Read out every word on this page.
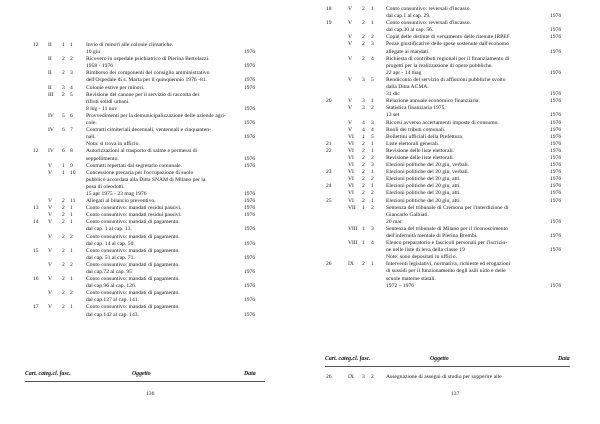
12 II 1 1 Invio di minori alle colonie climatiche.
10 giu	1976
II 2 2 Ricovero in ospedale psichiatrico di Pierina Bertolazzi.
1958 - 1976	1976
II 2 3 Rimborso dei componenti del consiglio amministrativo
dell'Ospedale di s. Marta per il quinquennio 1976 -81.	1976
II 3 4 Colonie estive per minori.	1976
III 2 5 Revisione del canone per il servizio di raccolta dei
rifiuti solidi urbani.
8 lug - 11 nov	1976
IV 5 6 Provvedimenti per la demunicipalizzazione delle aziende agri-
cole.	1976
IV 6 7 Contratti cimiteriali decennali, ventennali e cinquanten-
nali.	1976
Nota: si trova in ufficio.
12 IV 6 8 Autorizzazioni al trasporto di salme e permessi di
seppellimento.	1976
V 1 9 Contratti repertati dal segretario comunale.	1976
V 1 10 Concessione precaria per l'occupazione di suolo
pubblico accordata alla Ditta SNAM di Milano per la
posa di oleodotti.
15 apr 1975 - 23 mag 1976	1976
V 2 11 Allegati al bilancio preventivo.	1976
13 V 2 1 Conto consuntivo: mandati residui passivi.	1976
V 2 1 Conto consuntivo: mandati residui passivi.	1976
14 V 2 1 Conto consuntivo: mandati di pagamento.
dal cap. 1 al cap. 13.	1976
V 2 2 Conto consuntivo: mandati di pagamento.
dal cap. 14 al cap. 50.	1976
15 V 2 1 Conto consuntivo: mandati di pagamento.
dal cap. 51 al cap. 71.	1976
V 2 2 Conto consuntivo: mandati di pagamento.
dal cap.72 al cap. 95	1976
16 V 2 1 Conto consuntivo: mandati di pagamento.
dal cap.96 al cap. 126.	1976
V 2 2 Conto consuntivo: mandati di pagamento.
dal cap.127 al cap. 141.	1976
17 V 2 1 Conto consuntivo: mandati di pagamento.
dal cap.142 al cap. 143.	1976
Cart. categ.cl. fasc.	Oggetto	Data
136
18	V 2 1 Conto consuntivo: reversali d'incasso.
dal cap.1 al cap. 29.	1976
19	V 2 1 Conto consuntivo: reversali d'incasso.
dal cap.30 al cap. 56.	1976
V 2 2 Copie delle distinte di versamento delle ritenute IRPEF.	1976
V 2 3 Pezze giustificative delle spese sostenute dall'economo
allegate ai mandati.	1976
V 2 4 Richiesta di contributi regionali per il finanziamento di
progetti per la realizzazione di opere pubbliche.
22 apr - 14 mag	1976
V 3 5 Rendiconto del servizio di affissioni pubbliche svolto
dalla Ditta ACMA.
31 dic	1976
20	V 3 1 Relazione annuale economico finanziaria.	1976
V 3 2 Statistica finanziaria 1975.
13 set	1976
V 4 3 Ricorsi avverso accertamenti imposte di consumo.	1976
V 4 4 Ruoli dei tributi comunali.	1976
VI 1 5 Bollettini ufficiali della Prefettura.	1976
21	VI 2 1 Liste elettorali generali.	1976
22	VI 2 1 Revisione delle liste elettorali.	1976
VI 2 2 Revisione delle liste elettorali.	1976
VI 2 3 Elezioni politiche del 20 giu, verbali.	1976
23	VI 2 1 Elezioni politiche del 20 giu, verbali.	1976
VI 2 2 Elezioni politiche del 20 giu, atti.	1976
24	VI 2 1 Elezioni politiche del 20 giu, atti.	1976
VI 2 2 Elezioni politiche del 20 giu, atti.	1976
25	VI 2 1 Elezioni politiche del 20 giu, atti.	1976
VII 1 2 Sentenza del tribunale di Cremona per l'interdizione di
Giancarlo Galbiati.
20 mar	1976
VIII 1 3 Sentenza del tribunale di Milano per il riconoscimento
dell'infermità mentale di Pierina Brembi.	1976
VIII 1 4 Elenco preparatorio e fascicoli personali per l'iscrizio-
ne nelle liste di leva della classe 19	1976
Note: sono depositati in ufficio.
26	IX 2 1 Interventi legislativi, normativa, richieste ed erogazioni
di sussidi per il funzionamento degli asili nido e delle
scuole materne statali.
1972 – 1976	1976
Cart. categ.cl. fasc.	Oggetto	Data
26	IX 3 2 Assegnazione di assegni di studio per sopperire alle
137
